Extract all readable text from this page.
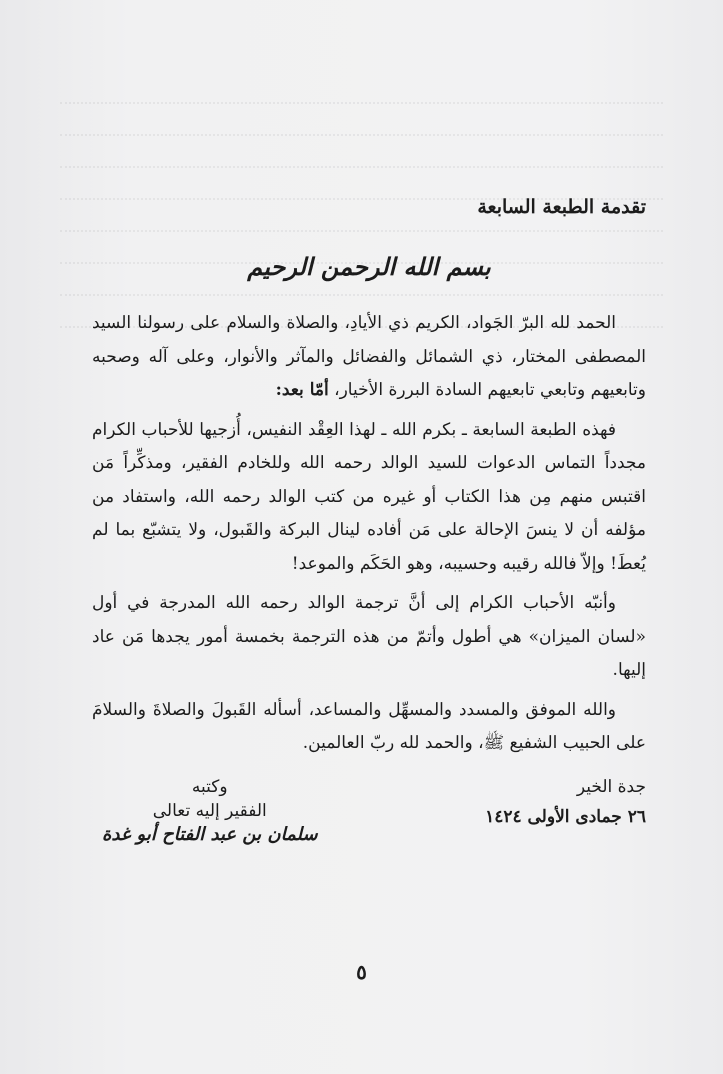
تقدمة الطبعة السابعة
بسم الله الرحمن الرحيم

الحمد لله البرّ الجَواد، الكريم ذي الأيادِ، والصلاة والسلام على رسولنا السيد المصطفى المختار، ذي الشمائل والفضائل والمآثر والأنوار، وعلى آله وصحبه وتابعيهم وتابعي تابعيهم السادة البررة الأخيار، أمّا بعد:

فهذه الطبعة السابعة ـ بكرم الله ـ لهذا العِقْد النفيس، أُزجيها للأحباب الكرام مجدداً التماس الدعوات للسيد الوالد رحمه الله وللخادم الفقير، ومذكِّراً مَن اقتبس منهم مِن هذا الكتاب أو غيره من كتب الوالد رحمه الله، واستفاد من مؤلفه أن لا ينسَ الإحالة على مَن أفاده لينال البركة والقَبول، ولا يتشبّع بما لم يُعطَ! وإلاّ فالله رقيبه وحسيبه، وهو الحَكَم والموعد!

وأنبّه الأحباب الكرام إلى أنَّ ترجمة الوالد رحمه الله المدرجة في أول «لسان الميزان» هي أطول وأتمّ من هذه الترجمة بخمسة أمور يجدها مَن عاد إليها.

والله الموفق والمسدد والمسهِّل والمساعد، أسأله القَبولَ والصلاةَ والسلامَ على الحبيب الشفيع ﷺ، والحمد لله ربّ العالمين.

جدة الخير
٢٦ جمادى الأولى ١٤٢٤
وكتبه
الفقير إليه تعالى
سلمان بن عبد الفتاح أبو غدة
٥
